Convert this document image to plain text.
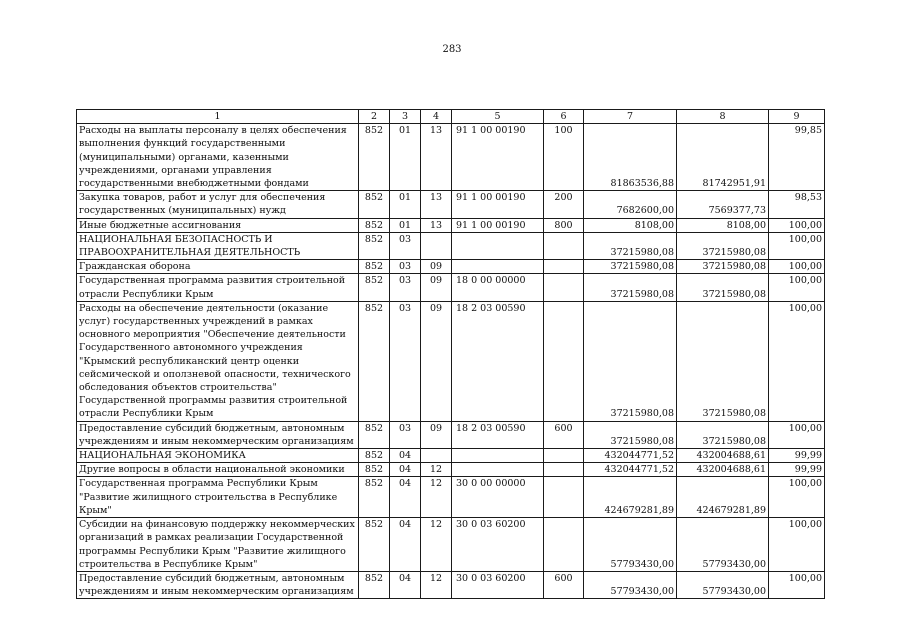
283
1	2	3	4	5	6	7	8	9
Расходы на выплаты персоналу в целях обеспечения выполнения функций государственными (муниципальными) органами, казенными учреждениями, органами управления государственными внебюджетными фондами	852	01	13	91 1 00 00190	100	81863536,88	81742951,91	99,85
Закупка товаров, работ и услуг для обеспечения государственных (муниципальных) нужд	852	01	13	91 1 00 00190	200	7682600,00	7569377,73	98,53
Иные бюджетные ассигнования	852	01	13	91 1 00 00190	800	8108,00	8108,00	100,00
НАЦИОНАЛЬНАЯ БЕЗОПАСНОСТЬ И ПРАВООХРАНИТЕЛЬНАЯ ДЕЯТЕЛЬНОСТЬ	852	03				37215980,08	37215980,08	100,00
Гражданская оборона	852	03	09			37215980,08	37215980,08	100,00
Государственная программа развития строительной отрасли Республики Крым	852	03	09	18 0 00 00000		37215980,08	37215980,08	100,00
Расходы на обеспечение деятельности (оказание услуг) государственных учреждений в рамках основного мероприятия "Обеспечение деятельности Государственного автономного учреждения "Крымский республиканский центр оценки сейсмической и оползневой опасности, технического обследования объектов строительства" Государственной программы развития строительной отрасли Республики Крым	852	03	09	18 2 03 00590		37215980,08	37215980,08	100,00
Предоставление субсидий бюджетным, автономным учреждениям и иным некоммерческим организациям	852	03	09	18 2 03 00590	600	37215980,08	37215980,08	100,00
НАЦИОНАЛЬНАЯ ЭКОНОМИКА	852	04				432044771,52	432004688,61	99,99
Другие вопросы в области национальной экономики	852	04	12			432044771,52	432004688,61	99,99
Государственная программа Республики Крым "Развитие жилищного строительства в Республике Крым"	852	04	12	30 0 00 00000		424679281,89	424679281,89	100,00
Субсидии на финансовую поддержку некоммерческих организаций в рамках реализации Государственной программы Республики Крым "Развитие жилищного строительства в Республике Крым"	852	04	12	30 0 03 60200		57793430,00	57793430,00	100,00
Предоставление субсидий бюджетным, автономным учреждениям и иным некоммерческим организациям	852	04	12	30 0 03 60200	600	57793430,00	57793430,00	100,00
